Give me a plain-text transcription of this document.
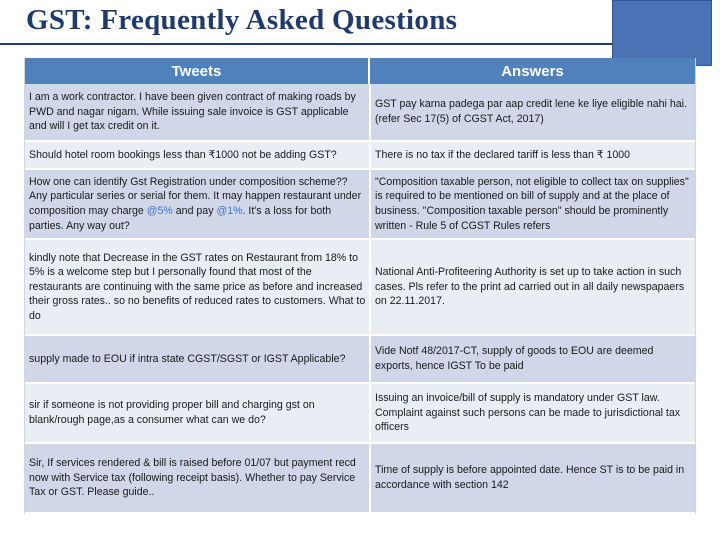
GST: Frequently Asked Questions
Tweets	Answers
I am a work contractor. I have been given contract of making roads by PWD and nagar nigam. While issuing sale invoice is GST applicable and will I get tax credit on it.
GST pay karna padega par aap credit lene ke liye eligible nahi hai. (refer Sec 17(5) of CGST Act, 2017)
Should hotel room bookings less than ₹1000 not be adding GST?	There is no tax if the declared tariff is less than ₹ 1000
How one can identify Gst Registration under composition scheme?? Any particular series or serial for them. It may happen restaurant under composition may charge @5% and pay @1%. It's a loss for both parties. Any way out?
"Composition taxable person, not eligible to collect tax on supplies" is required to be mentioned on bill of supply and at the place of business. "Composition taxable person" should be prominently written - Rule 5 of CGST Rules refers
kindly note that Decrease in the GST rates on Restaurant from 18% to 5% is a welcome step but I personally found that most of the restaurants are continuing with the same price as before and increased their gross rates.. so no benefits of reduced rates to customers. What to do
National Anti-Profiteering Authority is set up to take action in such cases. Pls refer to the print ad carried out in all daily newspapaers on 22.11.2017.
supply made to EOU if intra state CGST/SGST or IGST Applicable?
Vide Notf 48/2017-CT, supply of goods to EOU are deemed exports, hence IGST To be paid
sir if someone is not providing proper bill and charging gst on blank/rough page,as a consumer what can we do?
Issuing an invoice/bill of supply is mandatory under GST law. Complaint against such persons can be made to jurisdictional tax officers
Sir, If services rendered & bill is raised before 01/07 but payment recd now with Service tax (following receipt basis). Whether to pay Service Tax or GST. Please guide..
Time of supply is before appointed date. Hence ST is to be paid in accordance with section 142
